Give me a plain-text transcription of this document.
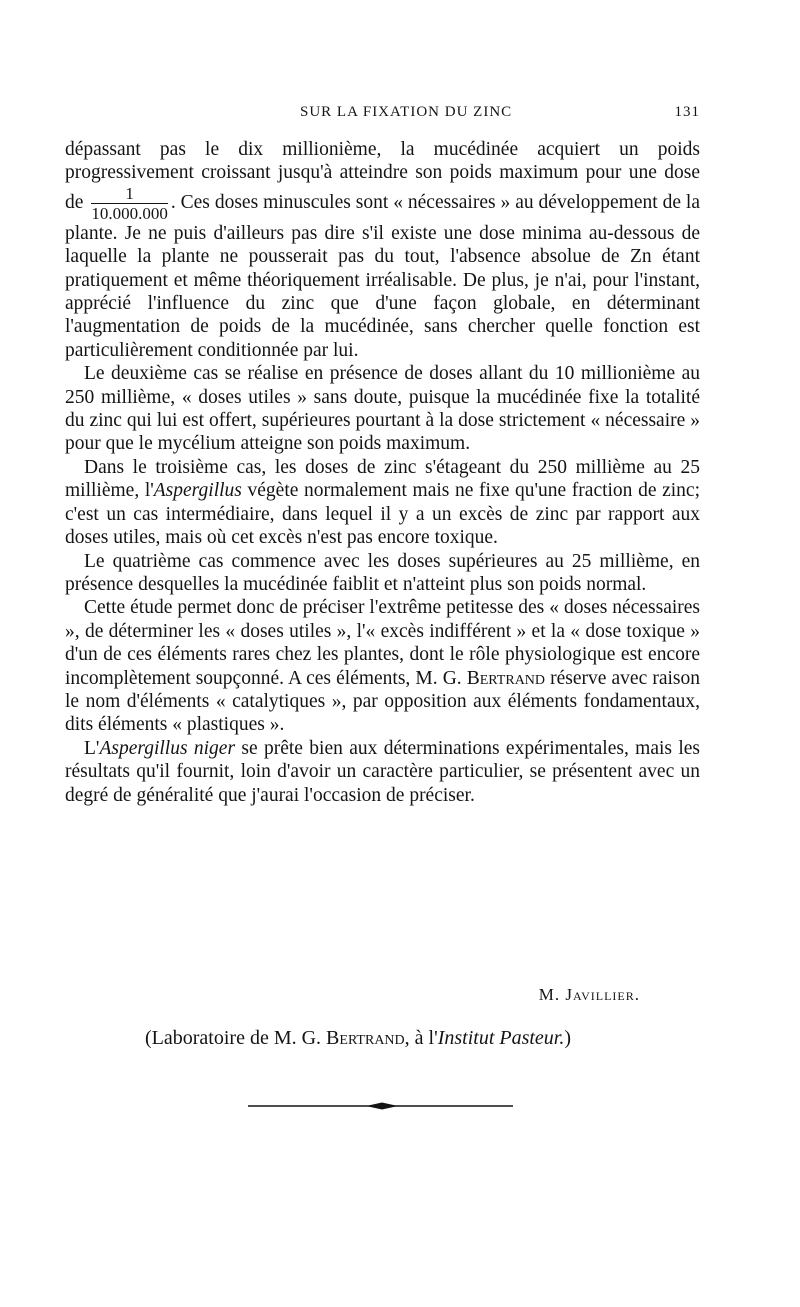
SUR LA FIXATION DU ZINC	131

dépassant pas le dix millionième, la mucédinée acquiert un poids progressivement croissant jusqu'à atteindre son poids maximum pour une dose de $\frac{1}{10.000.000}$ . Ces doses minuscules sont « nécessaires » au développement de la plante. Je ne puis d'ailleurs pas dire s'il existe une dose minima au-dessous de laquelle la plante ne pousserait pas du tout, l'absence absolue de Zn étant pratiquement et même théoriquement irréalisable. De plus, je n'ai, pour l'instant, apprécié l'influence du zinc que d'une façon globale, en déterminant l'augmentation de poids de la mucédinée, sans chercher quelle fonction est particulièrement conditionnée par lui.

Le deuxième cas se réalise en présence de doses allant du 10 millionième au 250 millième, « doses utiles » sans doute, puisque la mucédinée fixe la totalité du zinc qui lui est offert, supérieures pourtant à la dose strictement « nécessaire » pour que le mycélium atteigne son poids maximum.

Dans le troisième cas, les doses de zinc s'étageant du 250 millième au 25 millième, l'Aspergillus végète normalement mais ne fixe qu'une fraction de zinc; c'est un cas intermédiaire, dans lequel il y a un excès de zinc par rapport aux doses utiles, mais où cet excès n'est pas encore toxique.

Le quatrième cas commence avec les doses supérieures au 25 millième, en présence desquelles la mucédinée faiblit et n'atteint plus son poids normal.

Cette étude permet donc de préciser l'extrême petitesse des « doses nécessaires », de déterminer les « doses utiles », l'« excès indifférent » et la « dose toxique » d'un de ces éléments rares chez les plantes, dont le rôle physiologique est encore incomplètement soupçonné. A ces éléments, M. G. Bertrand réserve avec raison le nom d'éléments « catalytiques », par opposition aux éléments fondamentaux, dits éléments « plastiques ».

L'Aspergillus niger se prête bien aux déterminations expérimentales, mais les résultats qu'il fournit, loin d'avoir un caractère particulier, se présentent avec un degré de généralité que j'aurai l'occasion de préciser.

M. Javillier.
(Laboratoire de M. G. Bertrand, à l'Institut Pasteur.)
